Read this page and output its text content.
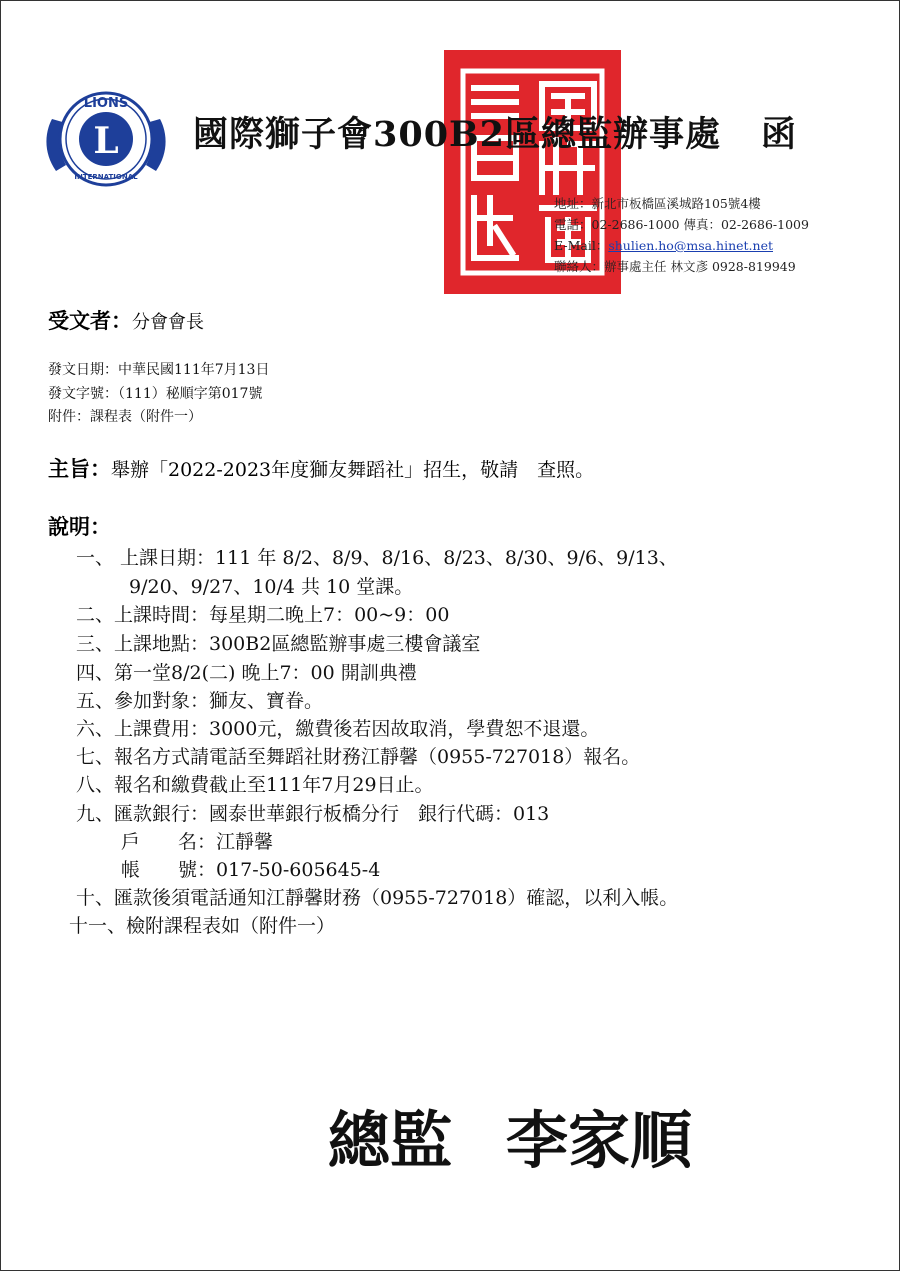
L
LIONS
INTERNATIONAL
國際獅子會300B2區總監辦事處 函
地址：新北市板橋區溪城路105號4樓
電話：02-2686-1000 傳真：02-2686-1009
E-Mail：shulien.ho@msa.hinet.net
聯絡人：辦事處主任 林文彥 0928-819949
受文者：分會會長
發文日期：中華民國111年7月13日
發文字號：（111）秘順字第017號
附件：課程表（附件一）
主旨：舉辦「2022-2023年度獅友舞蹈社」招生，敬請　查照。
說明：
一、 上課日期：111 年 8/2、8/9、8/16、8/23、8/30、9/6、9/13、
9/20、9/27、10/4 共 10 堂課。
二、上課時間：每星期二晚上7：00~9：00
三、上課地點：300B2區總監辦事處三樓會議室
四、第一堂8/2(二) 晚上7：00 開訓典禮
五、參加對象：獅友、寶眷。
六、上課費用：3000元，繳費後若因故取消，學費恕不退還。
七、報名方式請電話至舞蹈社財務江靜馨（0955-727018）報名。
八、報名和繳費截止至111年7月29日止。
九、匯款銀行：國泰世華銀行板橋分行　銀行代碼：013
戶　　名：江靜馨
帳　　號：017-50-605645-4
十、匯款後須電話通知江靜馨財務（0955-727018）確認，以利入帳。
十一、檢附課程表如（附件一）
總監 李家順
